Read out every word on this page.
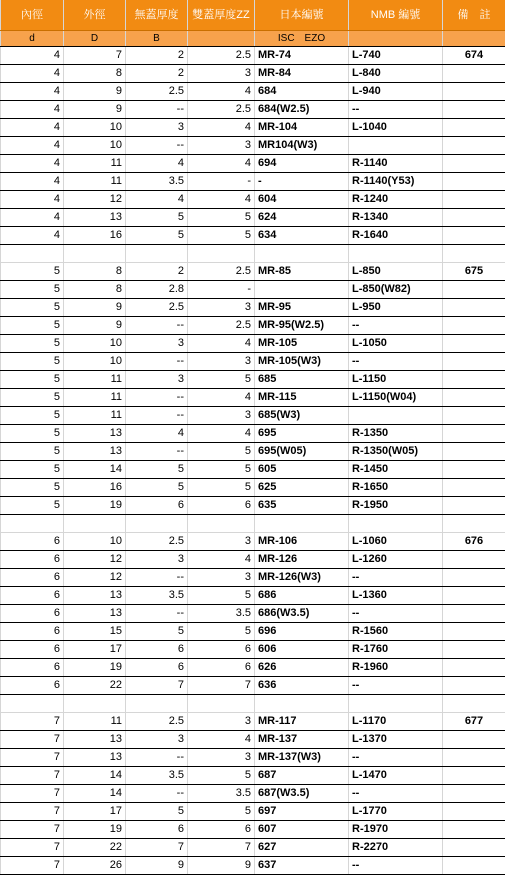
內徑	外徑	無蓋厚度	雙蓋厚度ZZ	日本編號	NMB 編號	備　註
d	D	B		ISC　EZO		
4	7	2	2.5	MR-74	L-740	674
4	8	2	3	MR-84	L-840	
4	9	2.5	4	684	L-940	
4	9	--	2.5	684(W2.5)	--	
4	10	3	4	MR-104	L-1040	
4	10	--	3	MR104(W3)		
4	11	4	4	694	R-1140	
4	11	3.5	-	-	R-1140(Y53)	
4	12	4	4	604	R-1240	
4	13	5	5	624	R-1340	
4	16	5	5	634	R-1640	

5	8	2	2.5	MR-85	L-850	675
5	8	2.8	-		L-850(W82)	
5	9	2.5	3	MR-95	L-950	
5	9	--	2.5	MR-95(W2.5)	--	
5	10	3	4	MR-105	L-1050	
5	10	--	3	MR-105(W3)	--	
5	11	3	5	685	L-1150	
5	11	--	4	MR-115	L-1150(W04)	
5	11	--	3	685(W3)		
5	13	4	4	695	R-1350	
5	13	--	5	695(W05)	R-1350(W05)	
5	14	5	5	605	R-1450	
5	16	5	5	625	R-1650	
5	19	6	6	635	R-1950	

6	10	2.5	3	MR-106	L-1060	676
6	12	3	4	MR-126	L-1260	
6	12	--	3	MR-126(W3)	--	
6	13	3.5	5	686	L-1360	
6	13	--	3.5	686(W3.5)	--	
6	15	5	5	696	R-1560	
6	17	6	6	606	R-1760	
6	19	6	6	626	R-1960	
6	22	7	7	636	--	

7	11	2.5	3	MR-117	L-1170	677
7	13	3	4	MR-137	L-1370	
7	13	--	3	MR-137(W3)	--	
7	14	3.5	5	687	L-1470	
7	14	--	3.5	687(W3.5)	--	
7	17	5	5	697	L-1770	
7	19	6	6	607	R-1970	
7	22	7	7	627	R-2270	
7	26	9	9	637	--	
